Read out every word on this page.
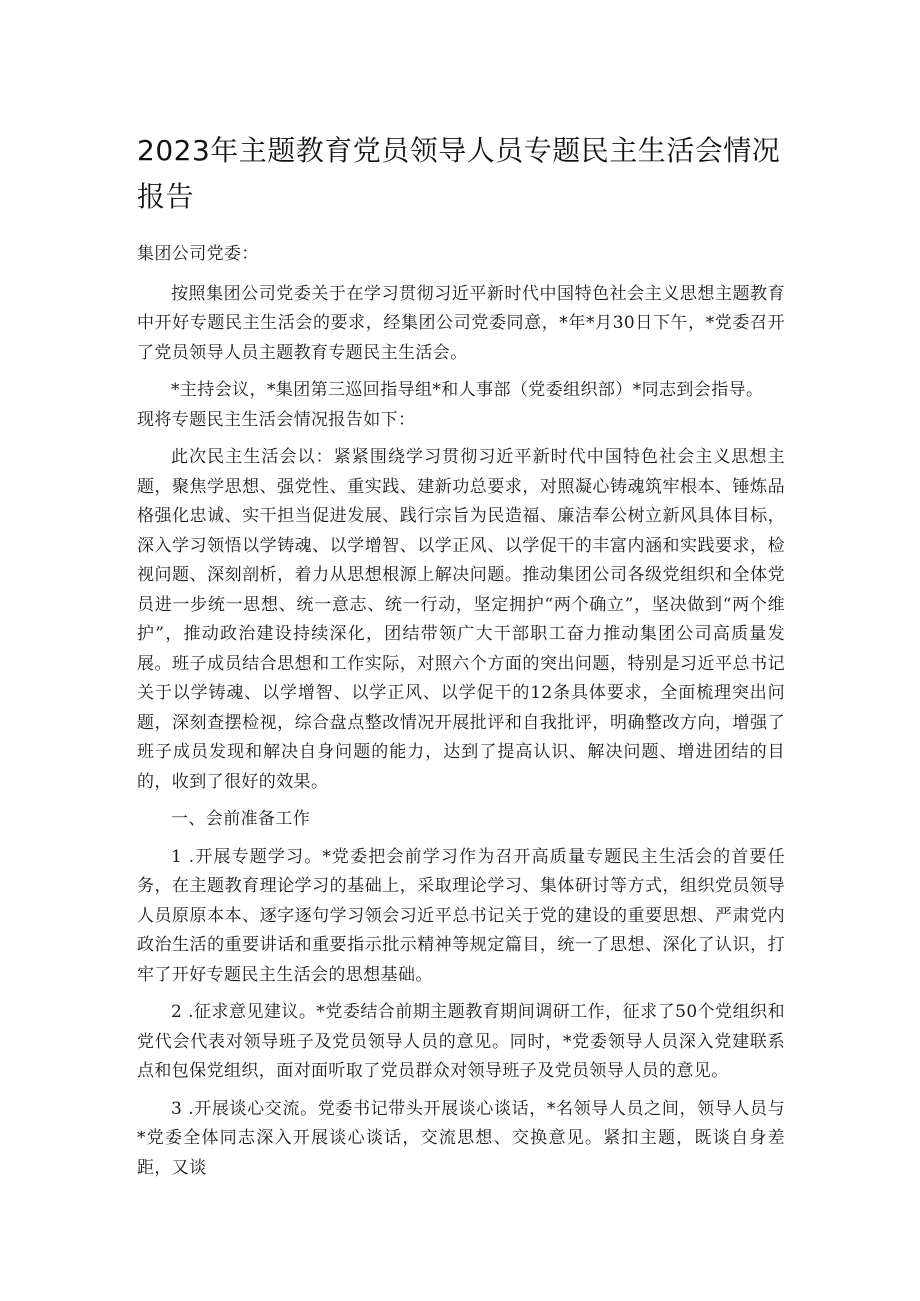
2023年主题教育党员领导人员专题民主生活会情况报告

集团公司党委：

按照集团公司党委关于在学习贯彻习近平新时代中国特色社会主义思想主题教育中开好专题民主生活会的要求，经集团公司党委同意，*年*月30日下午，*党委召开了党员领导人员主题教育专题民主生活会。

*主持会议，*集团第三巡回指导组*和人事部（党委组织部）*同志到会指导。

现将专题民主生活会情况报告如下：

此次民主生活会以：紧紧围绕学习贯彻习近平新时代中国特色社会主义思想主题，聚焦学思想、强党性、重实践、建新功总要求，对照凝心铸魂筑牢根本、锤炼品格强化忠诚、实干担当促进发展、践行宗旨为民造福、廉洁奉公树立新风具体目标，深入学习领悟以学铸魂、以学增智、以学正风、以学促干的丰富内涵和实践要求，检视问题、深刻剖析，着力从思想根源上解决问题。推动集团公司各级党组织和全体党员进一步统一思想、统一意志、统一行动，坚定拥护“两个确立”，坚决做到“两个维护”，推动政治建设持续深化，团结带领广大干部职工奋力推动集团公司高质量发展。班子成员结合思想和工作实际，对照六个方面的突出问题，特别是习近平总书记关于以学铸魂、以学增智、以学正风、以学促干的12条具体要求，全面梳理突出问题，深刻查摆检视，综合盘点整改情况开展批评和自我批评，明确整改方向，增强了班子成员发现和解决自身问题的能力，达到了提高认识、解决问题、增进团结的目的，收到了很好的效果。

一、会前准备工作

1 .开展专题学习。*党委把会前学习作为召开高质量专题民主生活会的首要任务，在主题教育理论学习的基础上，采取理论学习、集体研讨等方式，组织党员领导人员原原本本、逐字逐句学习领会习近平总书记关于党的建设的重要思想、严肃党内政治生活的重要讲话和重要指示批示精神等规定篇目，统一了思想、深化了认识，打牢了开好专题民主生活会的思想基础。

2 .征求意见建议。*党委结合前期主题教育期间调研工作，征求了50个党组织和党代会代表对领导班子及党员领导人员的意见。同时，*党委领导人员深入党建联系点和包保党组织，面对面听取了党员群众对领导班子及党员领导人员的意见。

3 .开展谈心交流。党委书记带头开展谈心谈话，*名领导人员之间，领导人员与*党委全体同志深入开展谈心谈话，交流思想、交换意见。紧扣主题，既谈自身差距，又谈
